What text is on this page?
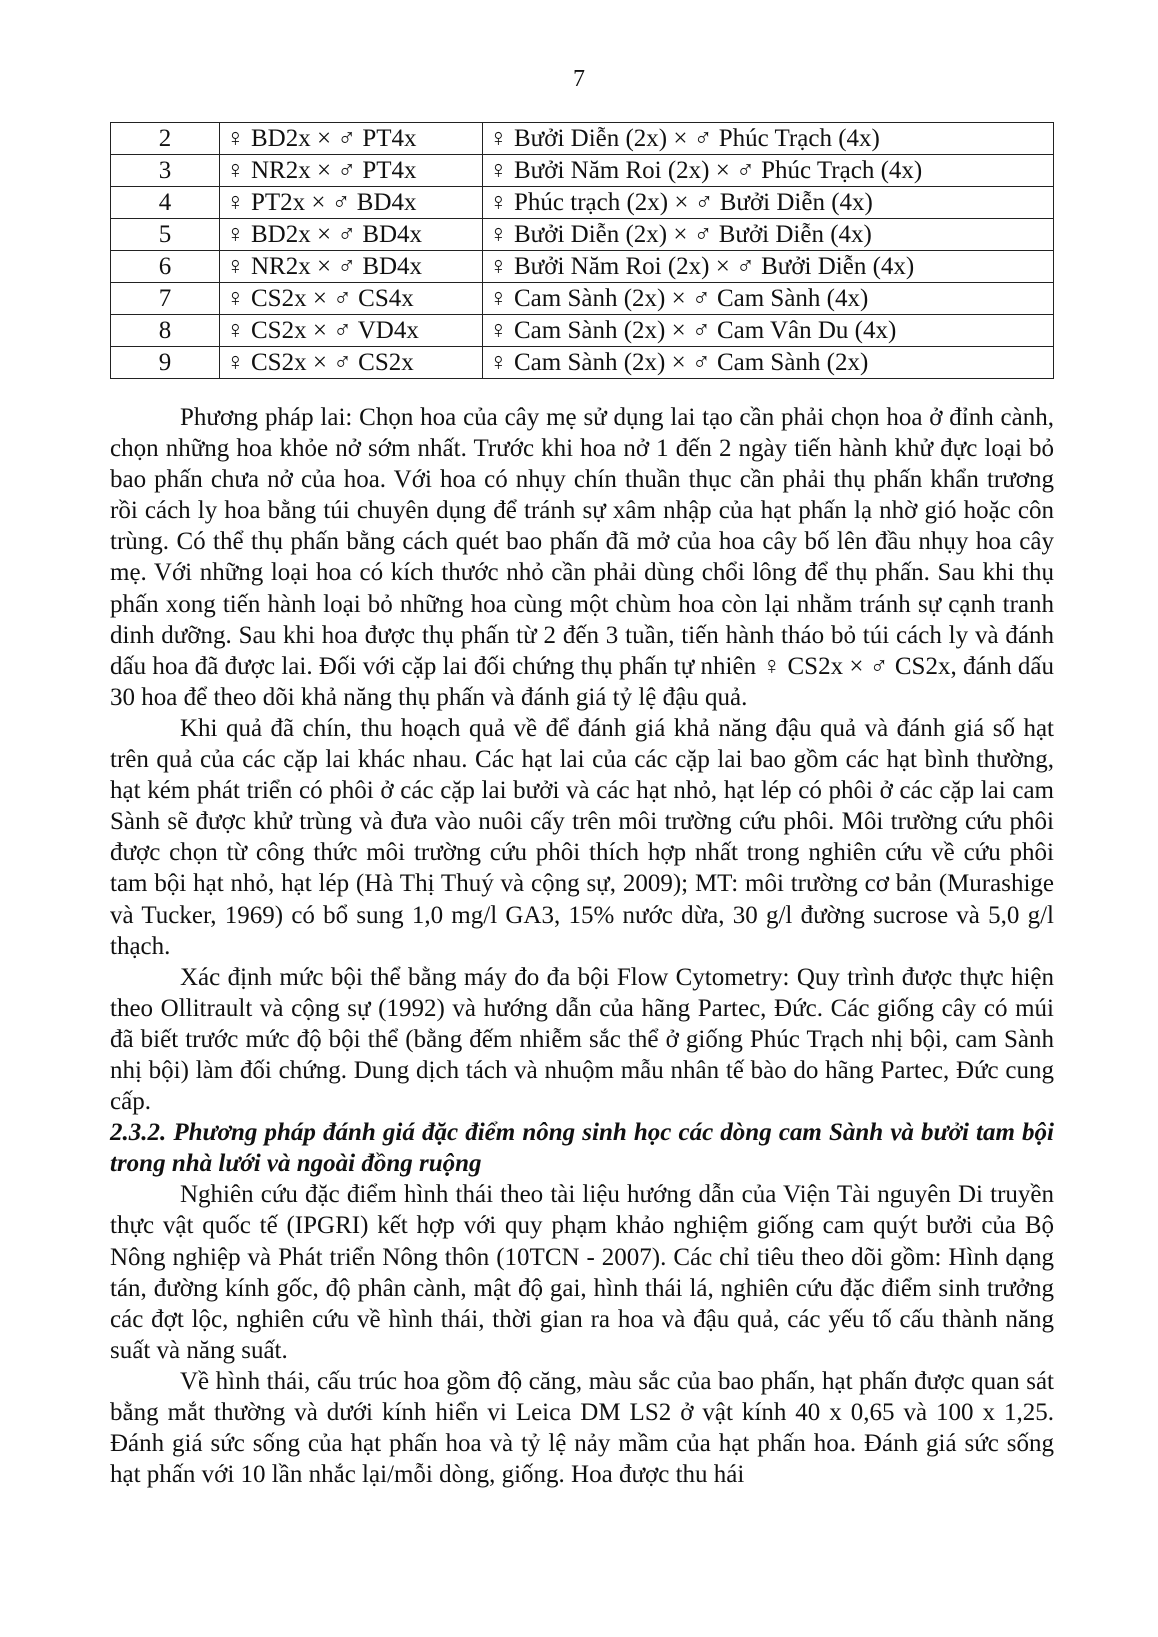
7
2	♀ BD2x × ♂ PT4x	♀ Bưởi Diễn (2x) × ♂ Phúc Trạch (4x)
3	♀ NR2x × ♂ PT4x	♀ Bưởi Năm Roi (2x) × ♂ Phúc Trạch (4x)
4	♀ PT2x × ♂ BD4x	♀ Phúc trạch (2x) × ♂ Bưởi Diễn (4x)
5	♀ BD2x × ♂ BD4x	♀ Bưởi Diễn (2x) × ♂ Bưởi Diễn (4x)
6	♀ NR2x × ♂ BD4x	♀ Bưởi Năm Roi (2x) × ♂ Bưởi Diễn (4x)
7	♀ CS2x × ♂ CS4x	♀ Cam Sành (2x) × ♂ Cam Sành (4x)
8	♀ CS2x × ♂ VD4x	♀ Cam Sành (2x) × ♂ Cam Vân Du (4x)
9	♀ CS2x × ♂ CS2x	♀ Cam Sành (2x) × ♂ Cam Sành (2x)

Phương pháp lai: Chọn hoa của cây mẹ sử dụng lai tạo cần phải chọn hoa ở đỉnh cành, chọn những hoa khỏe nở sớm nhất. Trước khi hoa nở 1 đến 2 ngày tiến hành khử đực loại bỏ bao phấn chưa nở của hoa. Với hoa có nhụy chín thuần thục cần phải thụ phấn khẩn trương rồi cách ly hoa bằng túi chuyên dụng để tránh sự xâm nhập của hạt phấn lạ nhờ gió hoặc côn trùng. Có thể thụ phấn bằng cách quét bao phấn đã mở của hoa cây bố lên đầu nhụy hoa cây mẹ. Với những loại hoa có kích thước nhỏ cần phải dùng chổi lông để thụ phấn. Sau khi thụ phấn xong tiến hành loại bỏ những hoa cùng một chùm hoa còn lại nhằm tránh sự cạnh tranh dinh dưỡng. Sau khi hoa được thụ phấn từ 2 đến 3 tuần, tiến hành tháo bỏ túi cách ly và đánh dấu hoa đã được lai. Đối với cặp lai đối chứng thụ phấn tự nhiên ♀ CS2x × ♂ CS2x, đánh dấu 30 hoa để theo dõi khả năng thụ phấn và đánh giá tỷ lệ đậu quả.

Khi quả đã chín, thu hoạch quả về để đánh giá khả năng đậu quả và đánh giá số hạt trên quả của các cặp lai khác nhau. Các hạt lai của các cặp lai bao gồm các hạt bình thường, hạt kém phát triển có phôi ở các cặp lai bưởi và các hạt nhỏ, hạt lép có phôi ở các cặp lai cam Sành sẽ được khử trùng và đưa vào nuôi cấy trên môi trường cứu phôi. Môi trường cứu phôi được chọn từ công thức môi trường cứu phôi thích hợp nhất trong nghiên cứu về cứu phôi tam bội hạt nhỏ, hạt lép (Hà Thị Thuý và cộng sự, 2009); MT: môi trường cơ bản (Murashige và Tucker, 1969) có bổ sung 1,0 mg/l GA3, 15% nước dừa, 30 g/l đường sucrose và 5,0 g/l thạch.

Xác định mức bội thể bằng máy đo đa bội Flow Cytometry: Quy trình được thực hiện theo Ollitrault và cộng sự (1992) và hướng dẫn của hãng Partec, Đức. Các giống cây có múi đã biết trước mức độ bội thể (bằng đếm nhiễm sắc thể ở giống Phúc Trạch nhị bội, cam Sành nhị bội) làm đối chứng. Dung dịch tách và nhuộm mẫu nhân tế bào do hãng Partec, Đức cung cấp.

2.3.2. Phương pháp đánh giá đặc điểm nông sinh học các dòng cam Sành và bưởi tam bội trong nhà lưới và ngoài đồng ruộng

Nghiên cứu đặc điểm hình thái theo tài liệu hướng dẫn của Viện Tài nguyên Di truyền thực vật quốc tế (IPGRI) kết hợp với quy phạm khảo nghiệm giống cam quýt bưởi của Bộ Nông nghiệp và Phát triển Nông thôn (10TCN - 2007). Các chỉ tiêu theo dõi gồm: Hình dạng tán, đường kính gốc, độ phân cành, mật độ gai, hình thái lá, nghiên cứu đặc điểm sinh trưởng các đợt lộc, nghiên cứu về hình thái, thời gian ra hoa và đậu quả, các yếu tố cấu thành năng suất và năng suất.

Về hình thái, cấu trúc hoa gồm độ căng, màu sắc của bao phấn, hạt phấn được quan sát bằng mắt thường và dưới kính hiển vi Leica DM LS2 ở vật kính 40 x 0,65 và 100 x 1,25. Đánh giá sức sống của hạt phấn hoa và tỷ lệ nảy mầm của hạt phấn hoa. Đánh giá sức sống hạt phấn với 10 lần nhắc lại/mỗi dòng, giống. Hoa được thu hái
